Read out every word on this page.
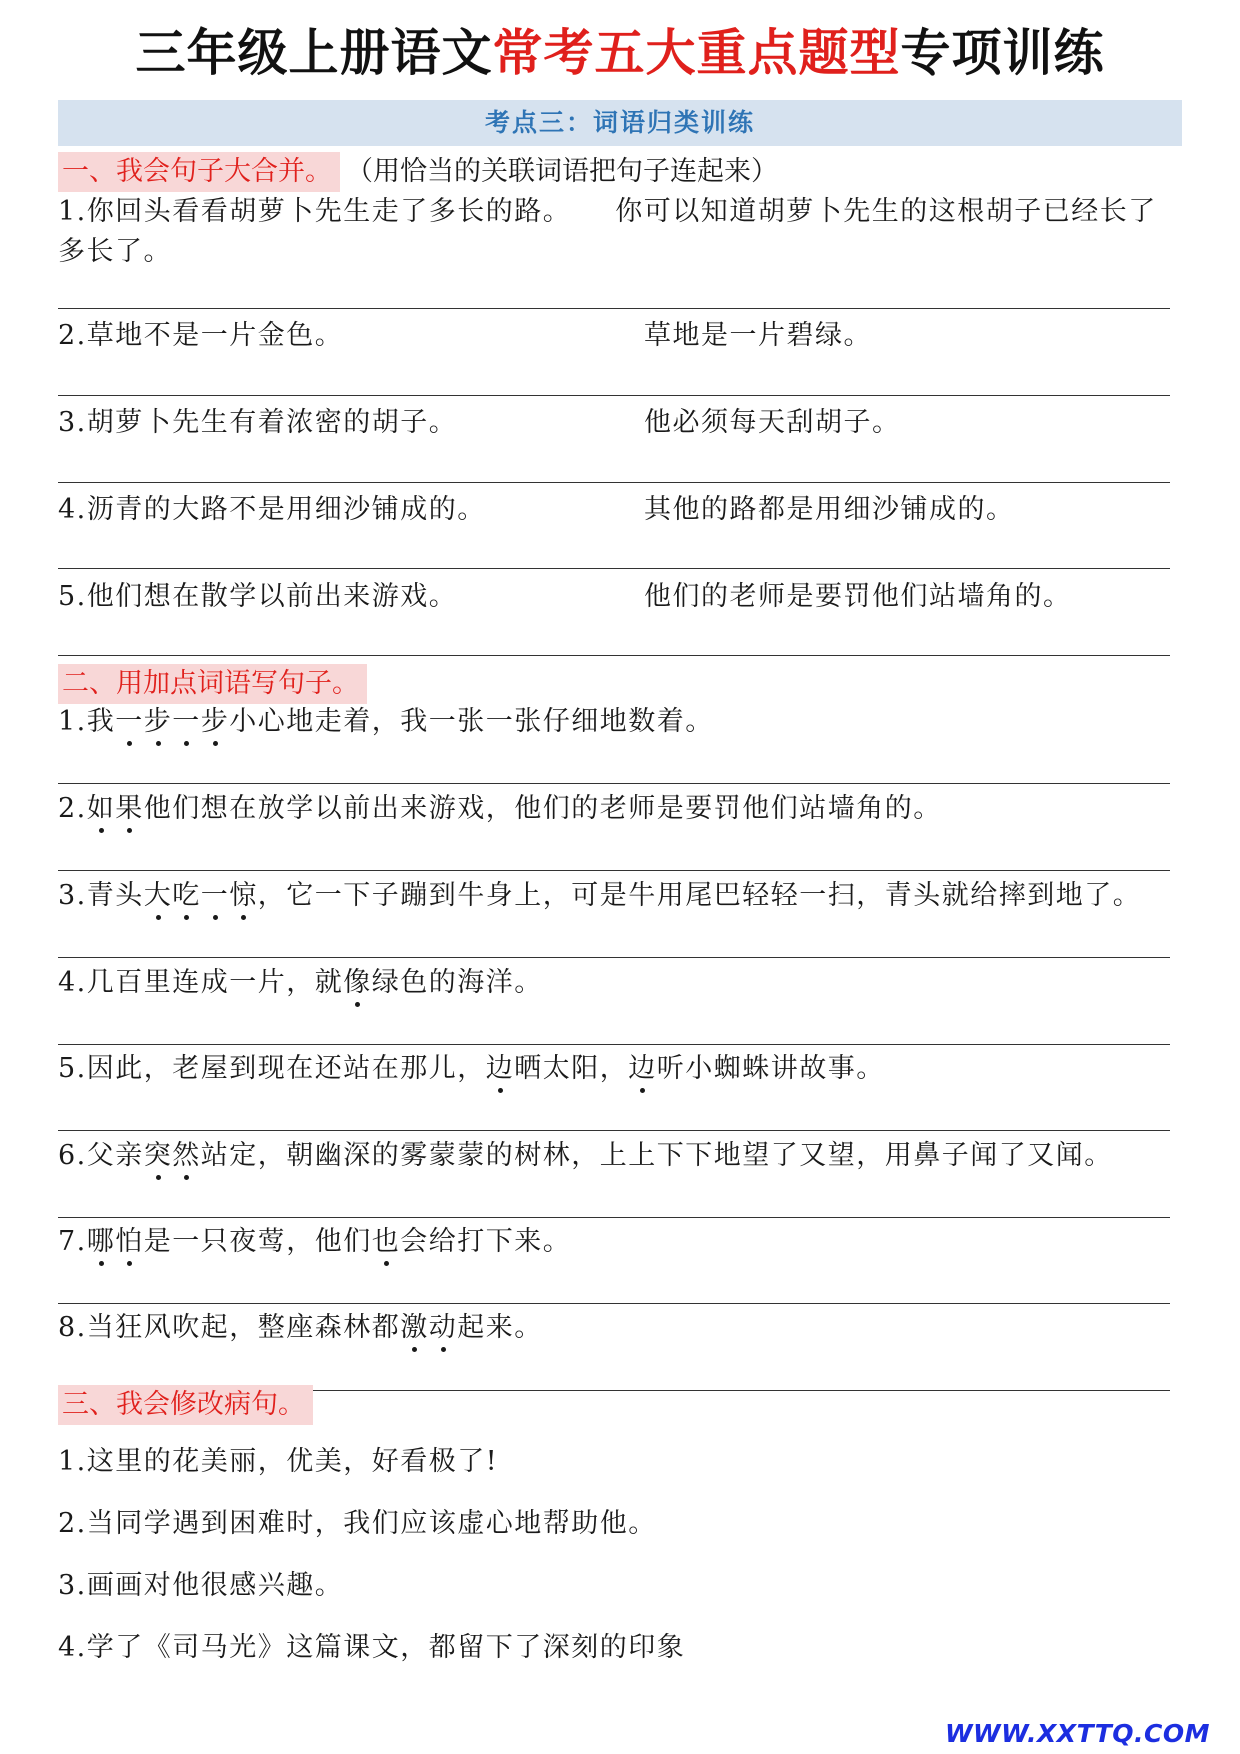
三年级上册语文常考五大重点题型专项训练
考点三：词语归类训练
一、我会句子大合并。 （用恰当的关联词语把句子连起来）
1.你回头看看胡萝卜先生走了多长的路。 你可以知道胡萝卜先生的这根胡子已经长了多长了。
2.草地不是一片金色。	草地是一片碧绿。
3.胡萝卜先生有着浓密的胡子。	他必须每天刮胡子。
4.沥青的大路不是用细沙铺成的。	其他的路都是用细沙铺成的。
5.他们想在散学以前出来游戏。	他们的老师是要罚他们站墙角的。
二、用加点词语写句子。
1.我一步一步小心地走着，我一张一张仔细地数着。
2.如果他们想在放学以前出来游戏，他们的老师是要罚他们站墙角的。
3.青头大吃一惊，它一下子蹦到牛身上，可是牛用尾巴轻轻一扫，青头就给摔到地了。
4.几百里连成一片，就像绿色的海洋。
5.因此，老屋到现在还站在那儿，边晒太阳，边听小蜘蛛讲故事。
6.父亲突然站定，朝幽深的雾蒙蒙的树林，上上下下地望了又望，用鼻子闻了又闻。
7.哪怕是一只夜莺，他们也会给打下来。
8.当狂风吹起，整座森林都激动起来。
三、我会修改病句。
1.这里的花美丽，优美，好看极了!
2.当同学遇到困难时，我们应该虚心地帮助他。
3.画画对他很感兴趣。
4.学了《司马光》这篇课文，都留下了深刻的印象
WWW.XXTTQ.COM
